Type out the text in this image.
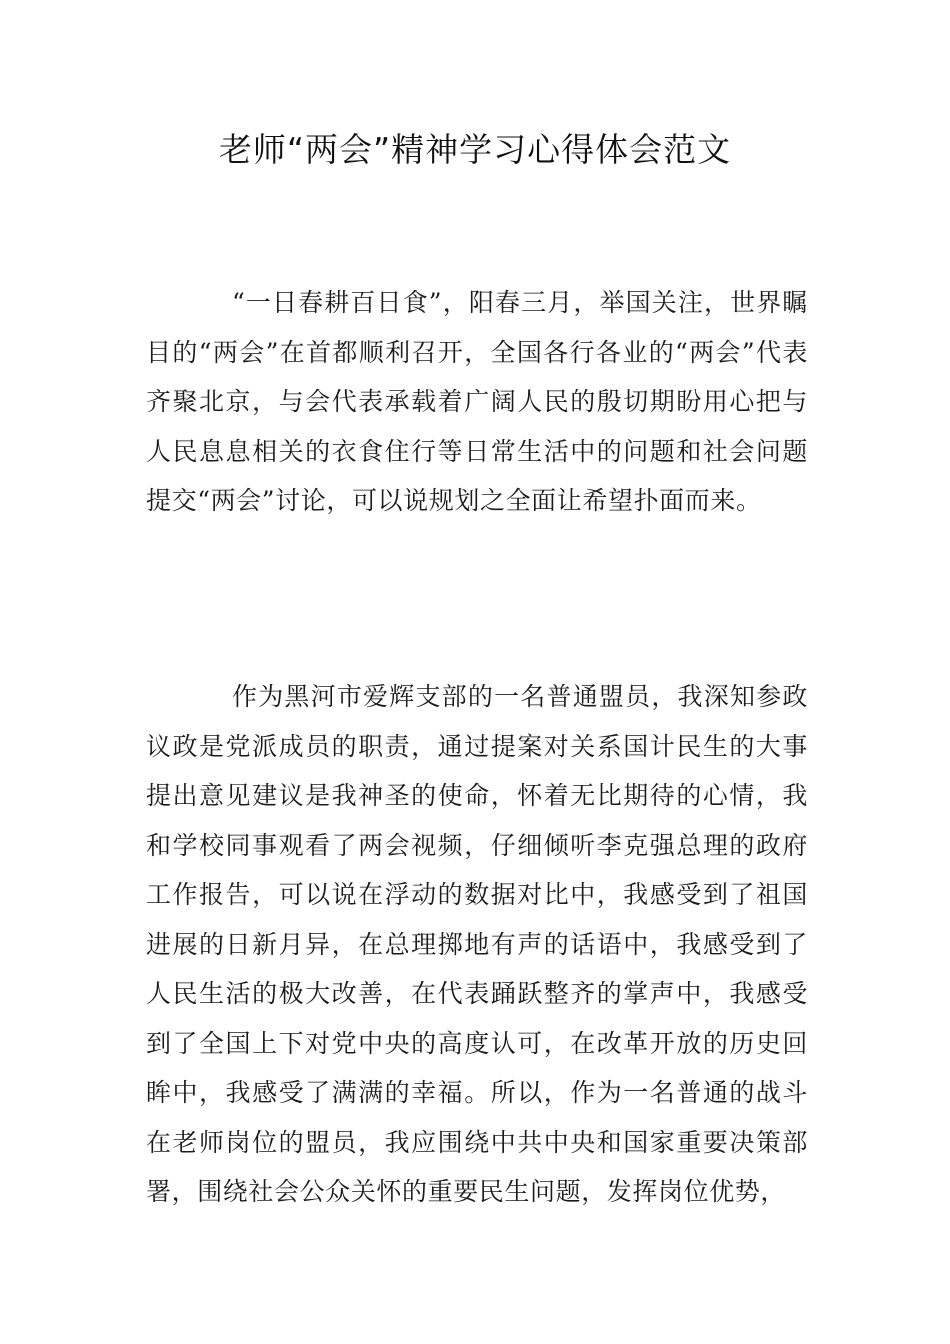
老师“两会”精神学习心得体会范文

“一日春耕百日食”，阳春三月，举国关注，世界瞩目的“两会”在首都顺利召开，全国各行各业的“两会”代表齐聚北京，与会代表承载着广阔人民的殷切期盼用心把与人民息息相关的衣食住行等日常生活中的问题和社会问题提交“两会”讨论，可以说规划之全面让希望扑面而来。

作为黑河市爱辉支部的一名普通盟员，我深知参政议政是党派成员的职责，通过提案对关系国计民生的大事提出意见建议是我神圣的使命，怀着无比期待的心情，我和学校同事观看了两会视频，仔细倾听李克强总理的政府工作报告，可以说在浮动的数据对比中，我感受到了祖国进展的日新月异，在总理掷地有声的话语中，我感受到了人民生活的极大改善，在代表踊跃整齐的掌声中，我感受到了全国上下对党中央的高度认可，在改革开放的历史回眸中，我感受了满满的幸福。所以，作为一名普通的战斗在老师岗位的盟员，我应围绕中共中央和国家重要决策部署，围绕社会公众关怀的重要民生问题，发挥岗位优势，
